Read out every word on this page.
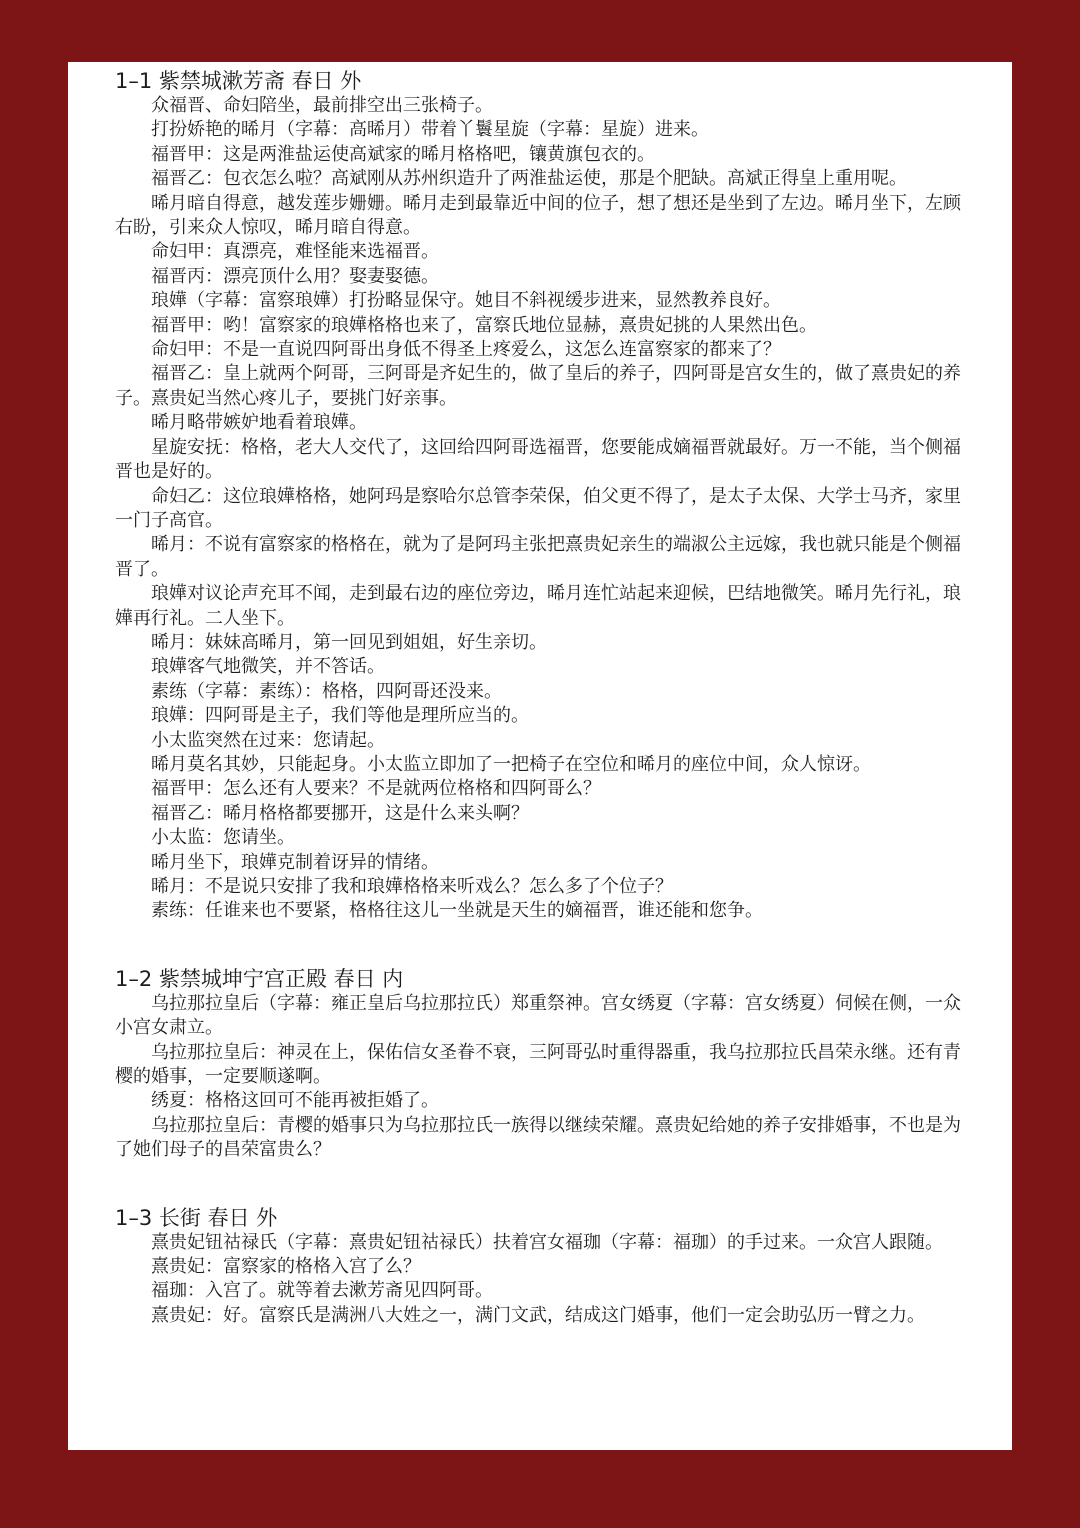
1–1 紫禁城漱芳斋 春日 外

众福晋、命妇陪坐，最前排空出三张椅子。

打扮娇艳的晞月（字幕：高晞月）带着丫鬟星旋（字幕：星旋）进来。

福晋甲：这是两淮盐运使高斌家的晞月格格吧，镶黄旗包衣的。

福晋乙：包衣怎么啦？高斌刚从苏州织造升了两淮盐运使，那是个肥缺。高斌正得皇上重用呢。

晞月暗自得意，越发莲步姗姗。晞月走到最靠近中间的位子，想了想还是坐到了左边。晞月坐下，左顾右盼，引来众人惊叹，晞月暗自得意。

命妇甲：真漂亮，难怪能来选福晋。

福晋丙：漂亮顶什么用？娶妻娶德。

琅嬅（字幕：富察琅嬅）打扮略显保守。她目不斜视缓步进来，显然教养良好。

福晋甲：哟！富察家的琅嬅格格也来了，富察氏地位显赫，熹贵妃挑的人果然出色。

命妇甲：不是一直说四阿哥出身低不得圣上疼爱么，这怎么连富察家的都来了？

福晋乙：皇上就两个阿哥，三阿哥是齐妃生的，做了皇后的养子，四阿哥是宫女生的，做了熹贵妃的养子。熹贵妃当然心疼儿子，要挑门好亲事。

晞月略带嫉妒地看着琅嬅。

星旋安抚：格格，老大人交代了，这回给四阿哥选福晋，您要能成嫡福晋就最好。万一不能，当个侧福晋也是好的。

命妇乙：这位琅嬅格格，她阿玛是察哈尔总管李荣保，伯父更不得了，是太子太保、大学士马齐，家里一门子高官。

晞月：不说有富察家的格格在，就为了是阿玛主张把熹贵妃亲生的端淑公主远嫁，我也就只能是个侧福晋了。

琅嬅对议论声充耳不闻，走到最右边的座位旁边，晞月连忙站起来迎候，巴结地微笑。晞月先行礼，琅嬅再行礼。二人坐下。

晞月：妹妹高晞月，第一回见到姐姐，好生亲切。

琅嬅客气地微笑，并不答话。

素练（字幕：素练）：格格，四阿哥还没来。

琅嬅：四阿哥是主子，我们等他是理所应当的。

小太监突然在过来：您请起。

晞月莫名其妙，只能起身。小太监立即加了一把椅子在空位和晞月的座位中间，众人惊讶。

福晋甲：怎么还有人要来？不是就两位格格和四阿哥么？

福晋乙：晞月格格都要挪开，这是什么来头啊？

小太监：您请坐。

晞月坐下，琅嬅克制着讶异的情绪。

晞月：不是说只安排了我和琅嬅格格来听戏么？怎么多了个位子？

素练：任谁来也不要紧，格格往这儿一坐就是天生的嫡福晋，谁还能和您争。

1–2 紫禁城坤宁宫正殿 春日 内

乌拉那拉皇后（字幕：雍正皇后乌拉那拉氏）郑重祭神。宫女绣夏（字幕：宫女绣夏）伺候在侧，一众小宫女肃立。

乌拉那拉皇后：神灵在上，保佑信女圣眷不衰，三阿哥弘时重得器重，我乌拉那拉氏昌荣永继。还有青樱的婚事，一定要顺遂啊。

绣夏：格格这回可不能再被拒婚了。

乌拉那拉皇后：青樱的婚事只为乌拉那拉氏一族得以继续荣耀。熹贵妃给她的养子安排婚事，不也是为了她们母子的昌荣富贵么？

1–3 长街 春日 外

熹贵妃钮祜禄氏（字幕：熹贵妃钮祜禄氏）扶着宫女福珈（字幕：福珈）的手过来。一众宫人跟随。

熹贵妃：富察家的格格入宫了么？

福珈：入宫了。就等着去漱芳斋见四阿哥。

熹贵妃：好。富察氏是满洲八大姓之一，满门文武，结成这门婚事，他们一定会助弘历一臂之力。
